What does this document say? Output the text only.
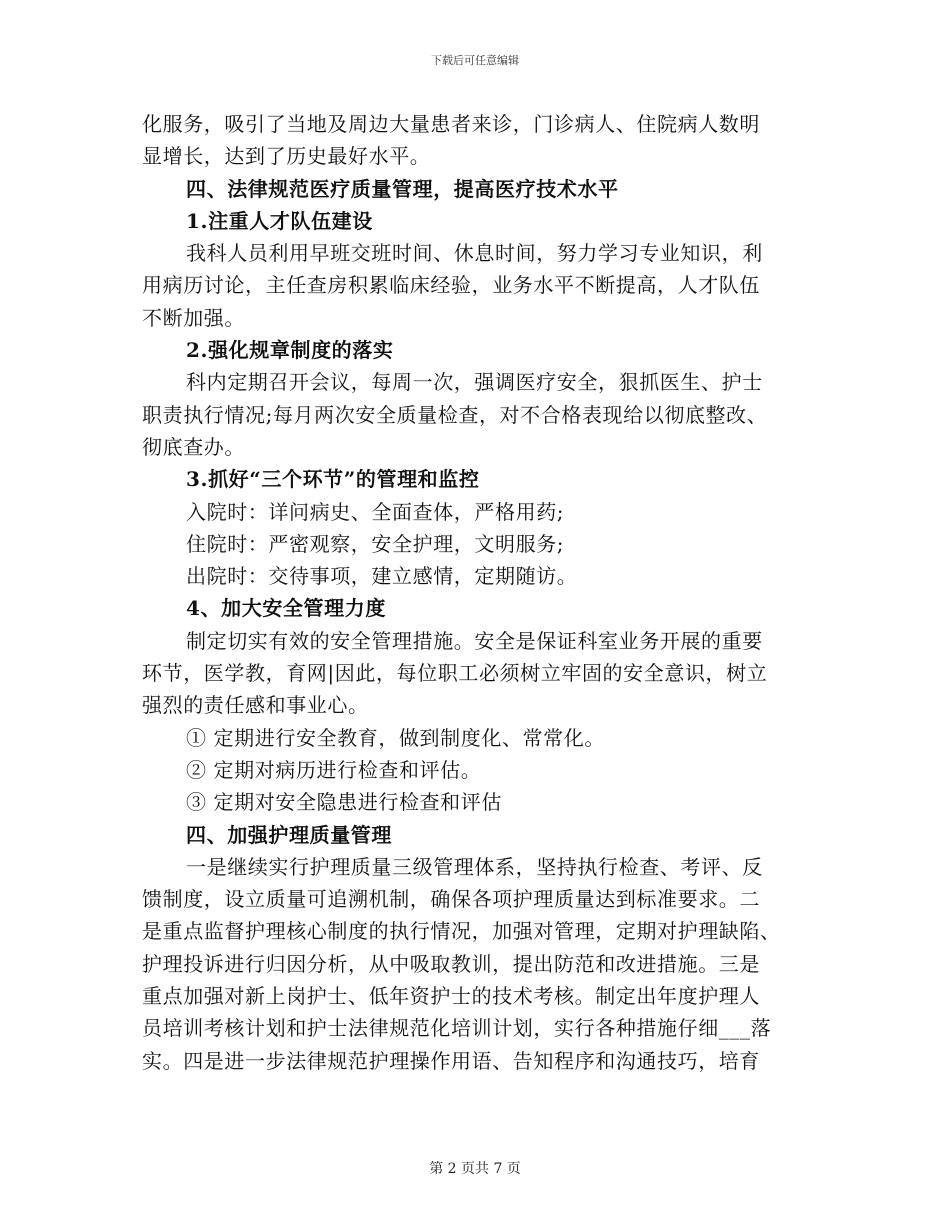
下载后可任意编辑
化服务，吸引了当地及周边大量患者来诊，门诊病人、住院病人数明
显增长，达到了历史最好水平。
四、法律规范医疗质量管理，提高医疗技术水平
1.注重人才队伍建设
我科人员利用早班交班时间、休息时间，努力学习专业知识，利
用病历讨论，主任查房积累临床经验，业务水平不断提高，人才队伍
不断加强。
2.强化规章制度的落实
科内定期召开会议，每周一次，强调医疗安全，狠抓医生、护士
职责执行情况;每月两次安全质量检查，对不合格表现给以彻底整改、
彻底查办。
3.抓好“三个环节”的管理和监控
入院时：详问病史、全面查体，严格用药;
住院时：严密观察，安全护理，文明服务;
出院时：交待事项，建立感情，定期随访。
4、加大安全管理力度
制定切实有效的安全管理措施。安全是保证科室业务开展的重要
环节，医学教，育网|因此，每位职工必须树立牢固的安全意识，树立
强烈的责任感和事业心。
① 定期进行安全教育，做到制度化、常常化。
② 定期对病历进行检查和评估。
③ 定期对安全隐患进行检查和评估
四、加强护理质量管理
一是继续实行护理质量三级管理体系，坚持执行检查、考评、反
馈制度，设立质量可追溯机制，确保各项护理质量达到标准要求。二
是重点监督护理核心制度的执行情况，加强对管理，定期对护理缺陷、
护理投诉进行归因分析，从中吸取教训，提出防范和改进措施。三是
重点加强对新上岗护士、低年资护士的技术考核。制定出年度护理人
员培训考核计划和护士法律规范化培训计划，实行各种措施仔细___落
实。四是进一步法律规范护理操作用语、告知程序和沟通技巧，培育
第 2 页共 7 页
